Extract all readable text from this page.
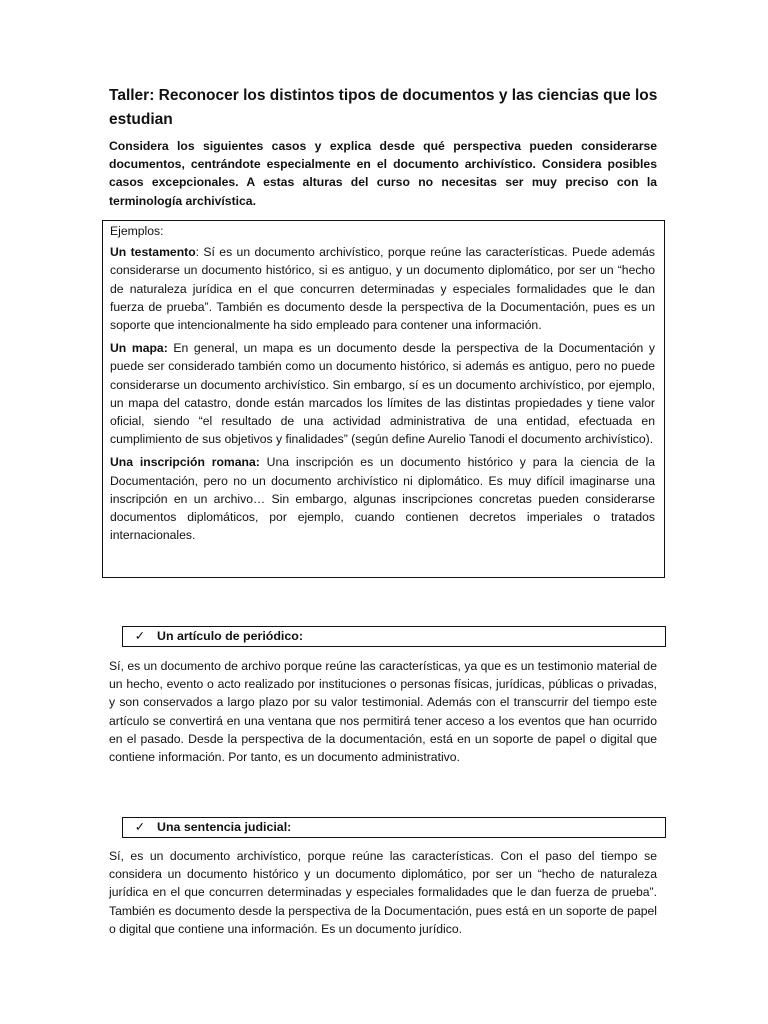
Taller: Reconocer los distintos tipos de documentos y las ciencias que los estudian

Considera los siguientes casos y explica desde qué perspectiva pueden considerarse documentos, centrándote especialmente en el documento archivístico. Considera posibles casos excepcionales. A estas alturas del curso no necesitas ser muy preciso con la terminología archivística.

Ejemplos:

Un testamento: Sí es un documento archivístico, porque reúne las características. Puede además considerarse un documento histórico, si es antiguo, y un documento diplomático, por ser un “hecho de naturaleza jurídica en el que concurren determinadas y especiales formalidades que le dan fuerza de prueba”. También es documento desde la perspectiva de la Documentación, pues es un soporte que intencionalmente ha sido empleado para contener una información.

Un mapa: En general, un mapa es un documento desde la perspectiva de la Documentación y puede ser considerado también como un documento histórico, si además es antiguo, pero no puede considerarse un documento archivístico. Sin embargo, sí es un documento archivístico, por ejemplo, un mapa del catastro, donde están marcados los límites de las distintas propiedades y tiene valor oficial, siendo “el resultado de una actividad administrativa de una entidad, efectuada en cumplimiento de sus objetivos y finalidades” (según define Aurelio Tanodi el documento archivístico).

Una inscripción romana: Una inscripción es un documento histórico y para la ciencia de la Documentación, pero no un documento archivístico ni diplomático. Es muy difícil imaginarse una inscripción en un archivo… Sin embargo, algunas inscripciones concretas pueden considerarse documentos diplomáticos, por ejemplo, cuando contienen decretos imperiales o tratados internacionales.

✓ Un artículo de periódico:

Sí, es un documento de archivo porque reúne las características, ya que es un testimonio material de un hecho, evento o acto realizado por instituciones o personas físicas, jurídicas, públicas o privadas, y son conservados a largo plazo por su valor testimonial. Además con el transcurrir del tiempo este artículo se convertirá en una ventana que nos permitirá tener acceso a los eventos que han ocurrido en el pasado. Desde la perspectiva de la documentación, está en un soporte de papel o digital que contiene información. Por tanto, es un documento administrativo.

✓ Una sentencia judicial:

Sí, es un documento archivístico, porque reúne las características. Con el paso del tiempo se considera un documento histórico y un documento diplomático, por ser un “hecho de naturaleza jurídica en el que concurren determinadas y especiales formalidades que le dan fuerza de prueba”. También es documento desde la perspectiva de la Documentación, pues está en un soporte de papel o digital que contiene una información. Es un documento jurídico.
